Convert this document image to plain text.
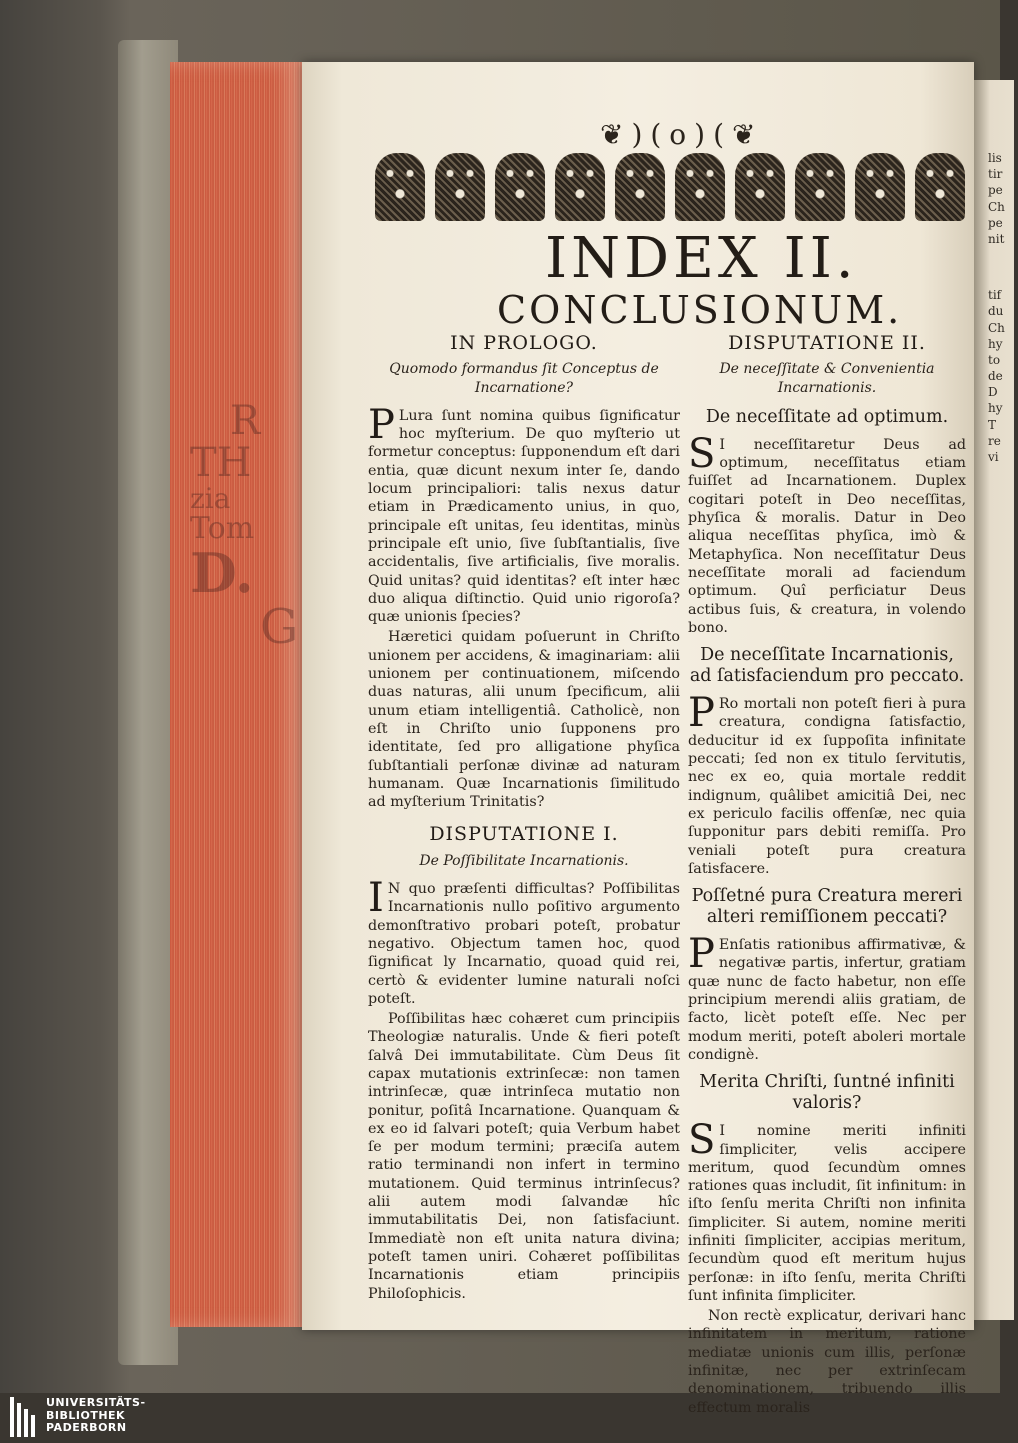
R
TH
zia
Tom
D.
G
lis
tir
pe
Ch
pe
nit
tif
du
Ch
hy
to
de
D
hy
T
re
vi
❦)(o)(❦
INDEX II.
CONCLUSIONUM.
IN PROLOGO.
Quomodo formandus ſit Conceptus de Incarnatione?

P Lura ſunt nomina quibus ſignificatur hoc myſterium. De quo myſterio ut formetur conceptus: ſupponendum eſt dari entia, quæ dicunt nexum inter ſe, dando locum principaliori: talis nexus datur etiam in Prædicamento unius, in quo, principale eſt unitas, ſeu identitas, minùs principale eſt unio, ſive ſubſtantialis, ſive accidentalis, ſive artificialis, ſive moralis. Quid unitas? quid identitas? eſt inter hæc duo aliqua diſtinctio. Quid unio rigoroſa? quæ unionis ſpecies?

Hæretici quidam poſuerunt in Chriſto unionem per accidens, & imaginariam: alii unionem per continuationem, miſcendo duas naturas, alii unum ſpecificum, alii unum etiam intelligentiâ. Catholicè, non eſt in Chriſto unio ſupponens pro identitate, ſed pro alligatione phyſica ſubſtantiali perſonæ divinæ ad naturam humanam. Quæ Incarnationis ſimilitudo ad myſterium Trinitatis?

DISPUTATIONE I.
De Poſſibilitate Incarnationis.

I N quo præſenti difficultas? Poſſibilitas Incarnationis nullo poſitivo argumento demonſtrativo probari poteſt, probatur negativo. Objectum tamen hoc, quod ſignificat ly Incarnatio, quoad quid rei, certò & evidenter lumine naturali noſci poteſt.

Poſſibilitas hæc cohæret cum principiis Theologiæ naturalis. Unde & fieri poteſt ſalvâ Dei immutabilitate. Cùm Deus ſit capax mutationis extrinſecæ: non tamen intrinſecæ, quæ intrinſeca mutatio non ponitur, poſitâ Incarnatione. Quanquam & ex eo id ſalvari poteſt; quia Verbum habet ſe per modum termini; præciſa autem ratio terminandi non infert in termino mutationem. Quid terminus intrinſecus? alii autem modi ſalvandæ hîc immutabilitatis Dei, non ſatisfaciunt. Immediatè non eſt unita natura divina; poteſt tamen uniri. Cohæret poſſibilitas Incarnationis etiam principiis Philoſophicis.

DISPUTATIONE II.
De neceſſitate & Convenientia Incarnationis.
De neceſſitate ad optimum.

S I neceſſitaretur Deus ad optimum, neceſſitatus etiam fuiſſet ad Incarnationem. Duplex cogitari poteſt in Deo neceſſitas, phyſica & moralis. Datur in Deo aliqua neceſſitas phyſica, imò & Metaphyſica. Non neceſſitatur Deus neceſſitate morali ad faciendum optimum. Quî perficiatur Deus actibus ſuis, & creatura, in volendo bono.

De neceſſitate Incarnationis, ad ſatisfaciendum pro peccato.

P Ro mortali non poteſt fieri à pura creatura, condigna ſatisfactio, deducitur id ex ſuppoſita infinitate peccati; ſed non ex titulo ſervitutis, nec ex eo, quia mortale reddit indignum, quâlibet amicitiâ Dei, nec ex periculo facilis offenſæ, nec quia ſupponitur pars debiti remiſſa. Pro veniali poteſt pura creatura ſatisfacere.

Poſſetné pura Creatura mereri alteri remiſſionem peccati?

P Enſatis rationibus affirmativæ, & negativæ partis, infertur, gratiam quæ nunc de facto habetur, non eſſe principium merendi aliis gratiam, de facto, licèt poteſt eſſe. Nec per modum meriti, poteſt aboleri mortale condignè.

Merita Chriſti, ſuntné infiniti valoris?

S I nomine meriti infiniti ſimpliciter, velis accipere meritum, quod ſecundùm omnes rationes quas includit, ſit infinitum: in iſto ſenſu merita Chriſti non infinita ſimpliciter. Si autem, nomine meriti infiniti ſimpliciter, accipias meritum, ſecundùm quod eſt meritum hujus perſonæ: in iſto ſenſu, merita Chriſti ſunt infinita ſimpliciter.

Non rectè explicatur, derivari hanc infinitatem in meritum, ratione mediatæ unionis cum illis, perſonæ infinitæ, nec per extrinſecam denominationem, tribuendo illis effectum moralis

UNIVERSITÄTS-
BIBLIOTHEK
PADERBORN
